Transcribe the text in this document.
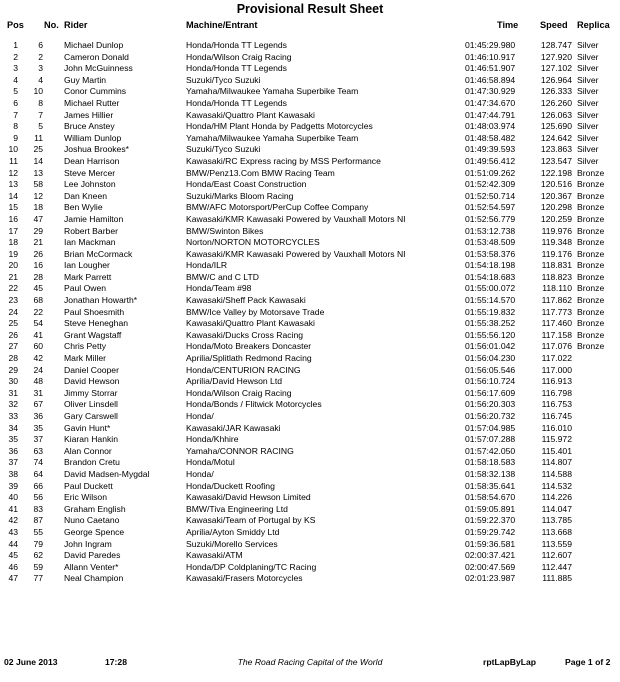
Provisional Result Sheet
Pos No. Rider	Machine/Entrant	Time Speed Replica
1	6 Michael Dunlop	Honda/Honda TT Legends	01:45:29.980	128.747 Silver
2	2 Cameron Donald	Honda/Wilson Craig Racing	01:46:10.917	127.920 Silver
3	3 John McGuinness	Honda/Honda TT Legends	01:46:51.907	127.102 Silver
4	4 Guy Martin	Suzuki/Tyco Suzuki	01:46:58.894	126.964 Silver
5	10 Conor Cummins	Yamaha/Milwaukee Yamaha Superbike Team	01:47:30.929	126.333 Silver
6	8 Michael Rutter	Honda/Honda TT Legends	01:47:34.670	126.260 Silver
7	7 James Hillier	Kawasaki/Quattro Plant Kawasaki	01:47:44.791	126.063 Silver
8	5 Bruce Anstey	Honda/HM Plant Honda by Padgetts Motorcycles	01:48:03.974	125.690 Silver
9	11 William Dunlop	Yamaha/Milwaukee Yamaha Superbike Team	01:48:58.482	124.642 Silver
10	25 Joshua Brookes*	Suzuki/Tyco Suzuki	01:49:39.593	123.863 Silver
11	14 Dean Harrison	Kawasaki/RC Express racing by MSS Performance	01:49:56.412	123.547 Silver
12	13 Steve Mercer	BMW/Penz13.Com BMW Racing Team	01:51:09.262	122.198 Bronze
13	58 Lee Johnston	Honda/East Coast Construction	01:52:42.309	120.516 Bronze
14	12 Dan Kneen	Suzuki/Marks Bloom Racing	01:52:50.714	120.367 Bronze
15	18 Ben Wylie	BMW/AFC Motorsport/PerCup Coffee Company	01:52:54.597	120.298 Bronze
16	47 Jamie Hamilton	Kawasaki/KMR Kawasaki Powered by Vauxhall Motors NI	01:52:56.779	120.259 Bronze
17	29 Robert Barber	BMW/Swinton Bikes	01:53:12.738	119.976 Bronze
18	21 Ian Mackman	Norton/NORTON MOTORCYCLES	01:53:48.509	119.348 Bronze
19	26 Brian McCormack	Kawasaki/KMR Kawasaki Powered by Vauxhall Motors NI	01:53:58.376	119.176 Bronze
20	16 Ian Lougher	Honda/ILR	01:54:18.198	118.831 Bronze
21	28 Mark Parrett	BMW/C and C LTD	01:54:18.683	118.823 Bronze
22	45 Paul Owen	Honda/Team #98	01:55:00.072	118.110 Bronze
23	68 Jonathan Howarth*	Kawasaki/Sheff Pack Kawasaki	01:55:14.570	117.862 Bronze
24	22 Paul Shoesmith	BMW/Ice Valley by Motorsave Trade	01:55:19.832	117.773 Bronze
25	54 Steve Heneghan	Kawasaki/Quattro Plant Kawasaki	01:55:38.252	117.460 Bronze
26	41 Grant Wagstaff	Kawasaki/Ducks Cross Racing	01:55:56.120	117.158 Bronze
27	60 Chris Petty	Honda/Moto Breakers Doncaster	01:56:01.042	117.076 Bronze
28	42 Mark Miller	Aprilia/Splitlath Redmond Racing	01:56:04.230	117.022
29	24 Daniel Cooper	Honda/CENTURION RACING	01:56:05.546	117.000
30	48 David Hewson	Aprilia/David Hewson Ltd	01:56:10.724	116.913
31	31 Jimmy Storrar	Honda/Wilson Craig Racing	01:56:17.609	116.798
32	67 Oliver Linsdell	Honda/Bonds / Flitwick Motorcycles	01:56:20.303	116.753
33	36 Gary Carswell	Honda/	01:56:20.732	116.745
34	35 Gavin Hunt*	Kawasaki/JAR Kawasaki	01:57:04.985	116.010
35	37 Kiaran Hankin	Honda/Khhire	01:57:07.288	115.972
36	63 Alan Connor	Yamaha/CONNOR RACING	01:57:42.050	115.401
37	74 Brandon Cretu	Honda/Motul	01:58:18.583	114.807
38	64 David Madsen-Mygdal	Honda/	01:58:32.138	114.588
39	66 Paul Duckett	Honda/Duckett Roofing	01:58:35.641	114.532
40	56 Eric Wilson	Kawasaki/David Hewson Limited	01:58:54.670	114.226
41	83 Graham English	BMW/Tiva Engineering Ltd	01:59:05.891	114.047
42	87 Nuno Caetano	Kawasaki/Team of Portugal by KS	01:59:22.370	113.785
43	55 George Spence	Aprilia/Ayton Smiddy Ltd	01:59:29.742	113.668
44	79 John Ingram	Suzuki/Morello Services	01:59:36.581	113.559
45	62 David Paredes	Kawasaki/ATM	02:00:37.421	112.607
46	59 Allann Venter*	Honda/DP Coldplaning/TC Racing	02:00:47.569	112.447
47	77 Neal Champion	Kawasaki/Frasers Motorcycles	02:01:23.987	111.885
02 June 2013	17:28	The Road Racing Capital of the World	rptLapByLap	Page 1 of 2
